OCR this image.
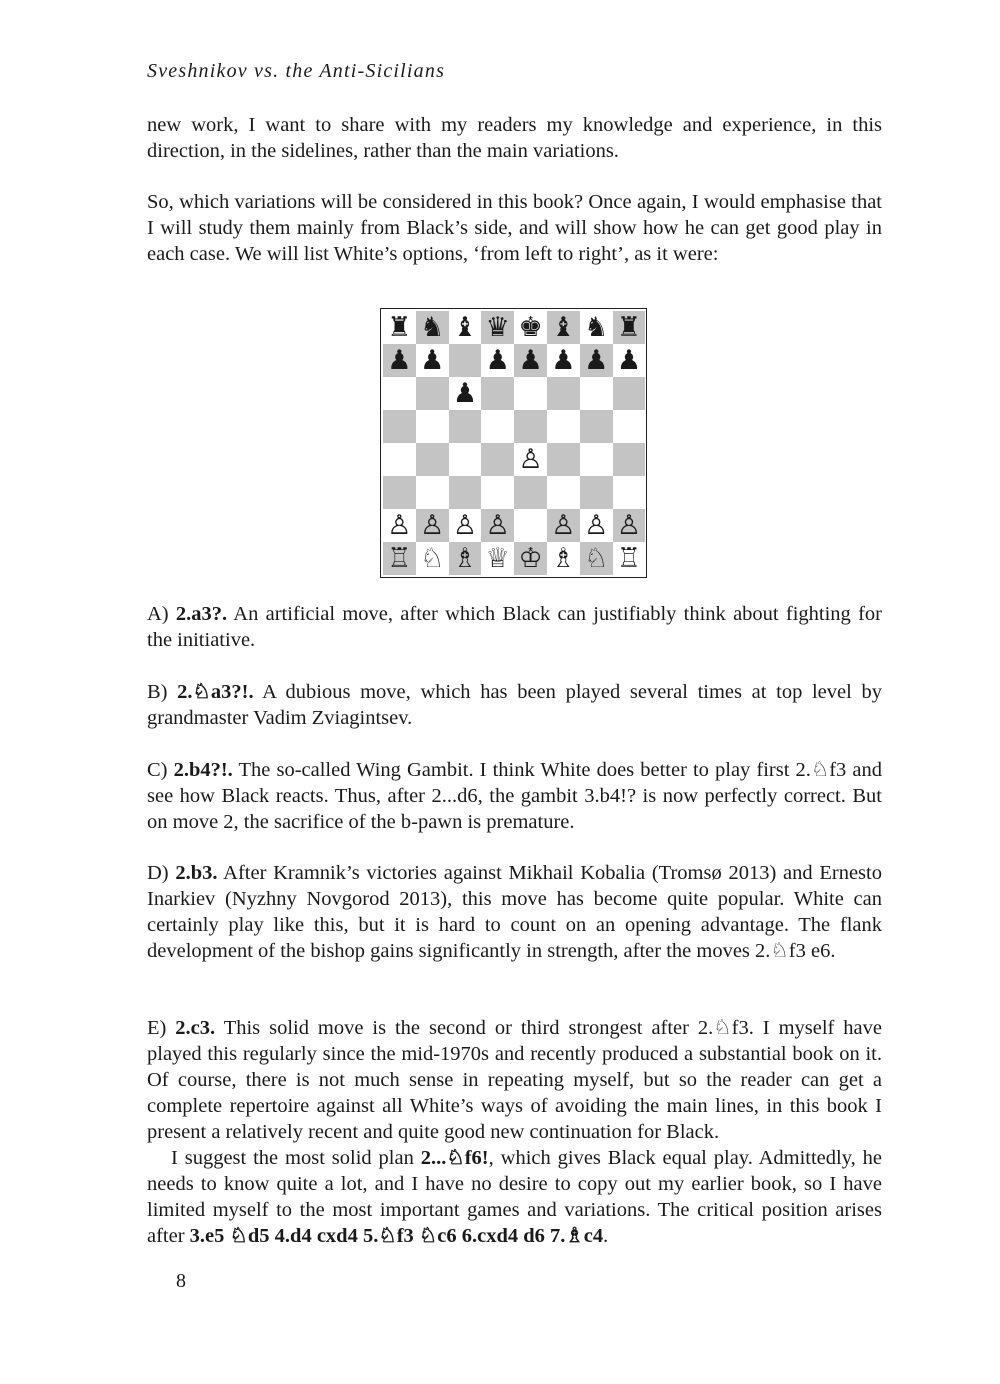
Sveshnikov vs. the Anti-Sicilians
new work, I want to share with my readers my knowledge and experience, in this direction, in the sidelines, rather than the main variations.
So, which variations will be considered in this book? Once again, I would emphasise that I will study them mainly from Black’s side, and will show how he can get good play in each case. We will list White’s options, ‘from left to right’, as it were:
♜ ♞ ♝ ♛ ♚ ♝ ♞ ♜
♟ ♟ ♟ ♟ ♟ ♟ ♟
♟
♙
♙ ♙ ♙ ♙ ♙ ♙ ♙
♖ ♘ ♗ ♕ ♔ ♗ ♘ ♖
A) 2.a3?. An artificial move, after which Black can justifiably think about fighting for the initiative.
B) 2.♘a3?!. A dubious move, which has been played several times at top level by grandmaster Vadim Zviagintsev.
C) 2.b4?!. The so-called Wing Gambit. I think White does better to play first 2.♘f3 and see how Black reacts. Thus, after 2...d6, the gambit 3.b4!? is now perfectly correct. But on move 2, the sacrifice of the b-pawn is premature.
D) 2.b3. After Kramnik’s victories against Mikhail Kobalia (Tromsø 2013) and Ernesto Inarkiev (Nyzhny Novgorod 2013), this move has become quite popular. White can certainly play like this, but it is hard to count on an opening advantage. The flank development of the bishop gains significantly in strength, after the moves 2.♘f3 e6.
E) 2.c3. This solid move is the second or third strongest after 2.♘f3. I myself have played this regularly since the mid-1970s and recently produced a substantial book on it. Of course, there is not much sense in repeating myself, but so the reader can get a complete repertoire against all White’s ways of avoiding the main lines, in this book I present a relatively recent and quite good new continuation for Black.
I suggest the most solid plan 2...♘f6!, which gives Black equal play. Admittedly, he needs to know quite a lot, and I have no desire to copy out my earlier book, so I have limited myself to the most important games and variations. The critical position arises after 3.e5 ♘d5 4.d4 cxd4 5.♘f3 ♘c6 6.cxd4 d6 7.♗c4.
8
